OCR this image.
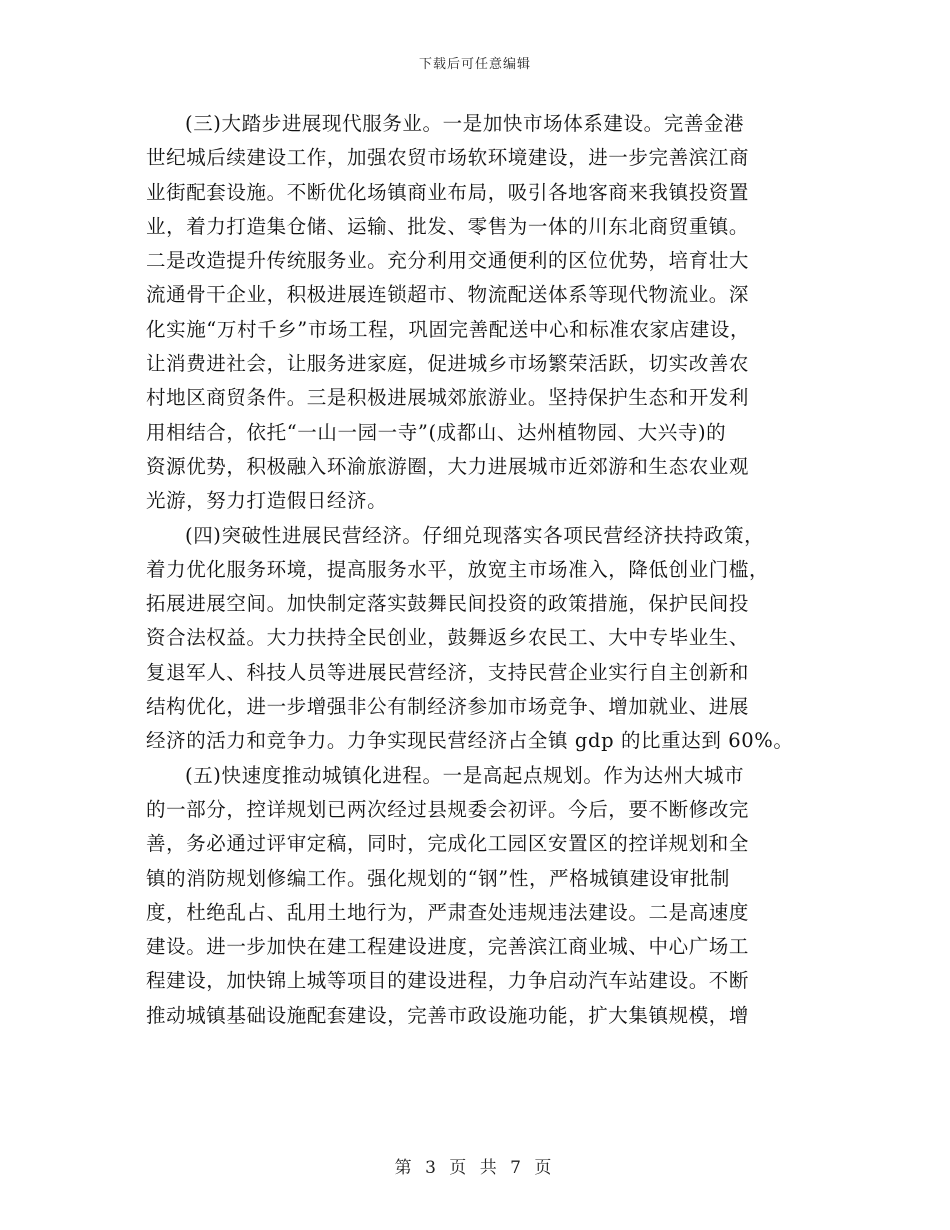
下载后可任意编辑
(三)大踏步进展现代服务业。一是加快市场体系建设。完善金港
世纪城后续建设工作，加强农贸市场软环境建设，进一步完善滨江商
业街配套设施。不断优化场镇商业布局，吸引各地客商来我镇投资置
业，着力打造集仓储、运输、批发、零售为一体的川东北商贸重镇。
二是改造提升传统服务业。充分利用交通便利的区位优势，培育壮大
流通骨干企业，积极进展连锁超市、物流配送体系等现代物流业。深
化实施“万村千乡”市场工程，巩固完善配送中心和标准农家店建设，
让消费进社会，让服务进家庭，促进城乡市场繁荣活跃，切实改善农
村地区商贸条件。三是积极进展城郊旅游业。坚持保护生态和开发利
用相结合，依托“一山一园一寺”(成都山、达州植物园、大兴寺)的
资源优势，积极融入环渝旅游圈，大力进展城市近郊游和生态农业观
光游，努力打造假日经济。
(四)突破性进展民营经济。仔细兑现落实各项民营经济扶持政策，
着力优化服务环境，提高服务水平，放宽主市场准入，降低创业门槛，
拓展进展空间。加快制定落实鼓舞民间投资的政策措施，保护民间投
资合法权益。大力扶持全民创业，鼓舞返乡农民工、大中专毕业生、
复退军人、科技人员等进展民营经济，支持民营企业实行自主创新和
结构优化，进一步增强非公有制经济参加市场竞争、增加就业、进展
经济的活力和竞争力。力争实现民营经济占全镇 gdp 的比重达到 60%。
(五)快速度推动城镇化进程。一是高起点规划。作为达州大城市
的一部分，控详规划已两次经过县规委会初评。今后，要不断修改完
善，务必通过评审定稿，同时，完成化工园区安置区的控详规划和全
镇的消防规划修编工作。强化规划的“钢”性，严格城镇建设审批制
度，杜绝乱占、乱用土地行为，严肃查处违规违法建设。二是高速度
建设。进一步加快在建工程建设进度，完善滨江商业城、中心广场工
程建设，加快锦上城等项目的建设进程，力争启动汽车站建设。不断
推动城镇基础设施配套建设，完善市政设施功能，扩大集镇规模，增
第 3 页 共 7 页
